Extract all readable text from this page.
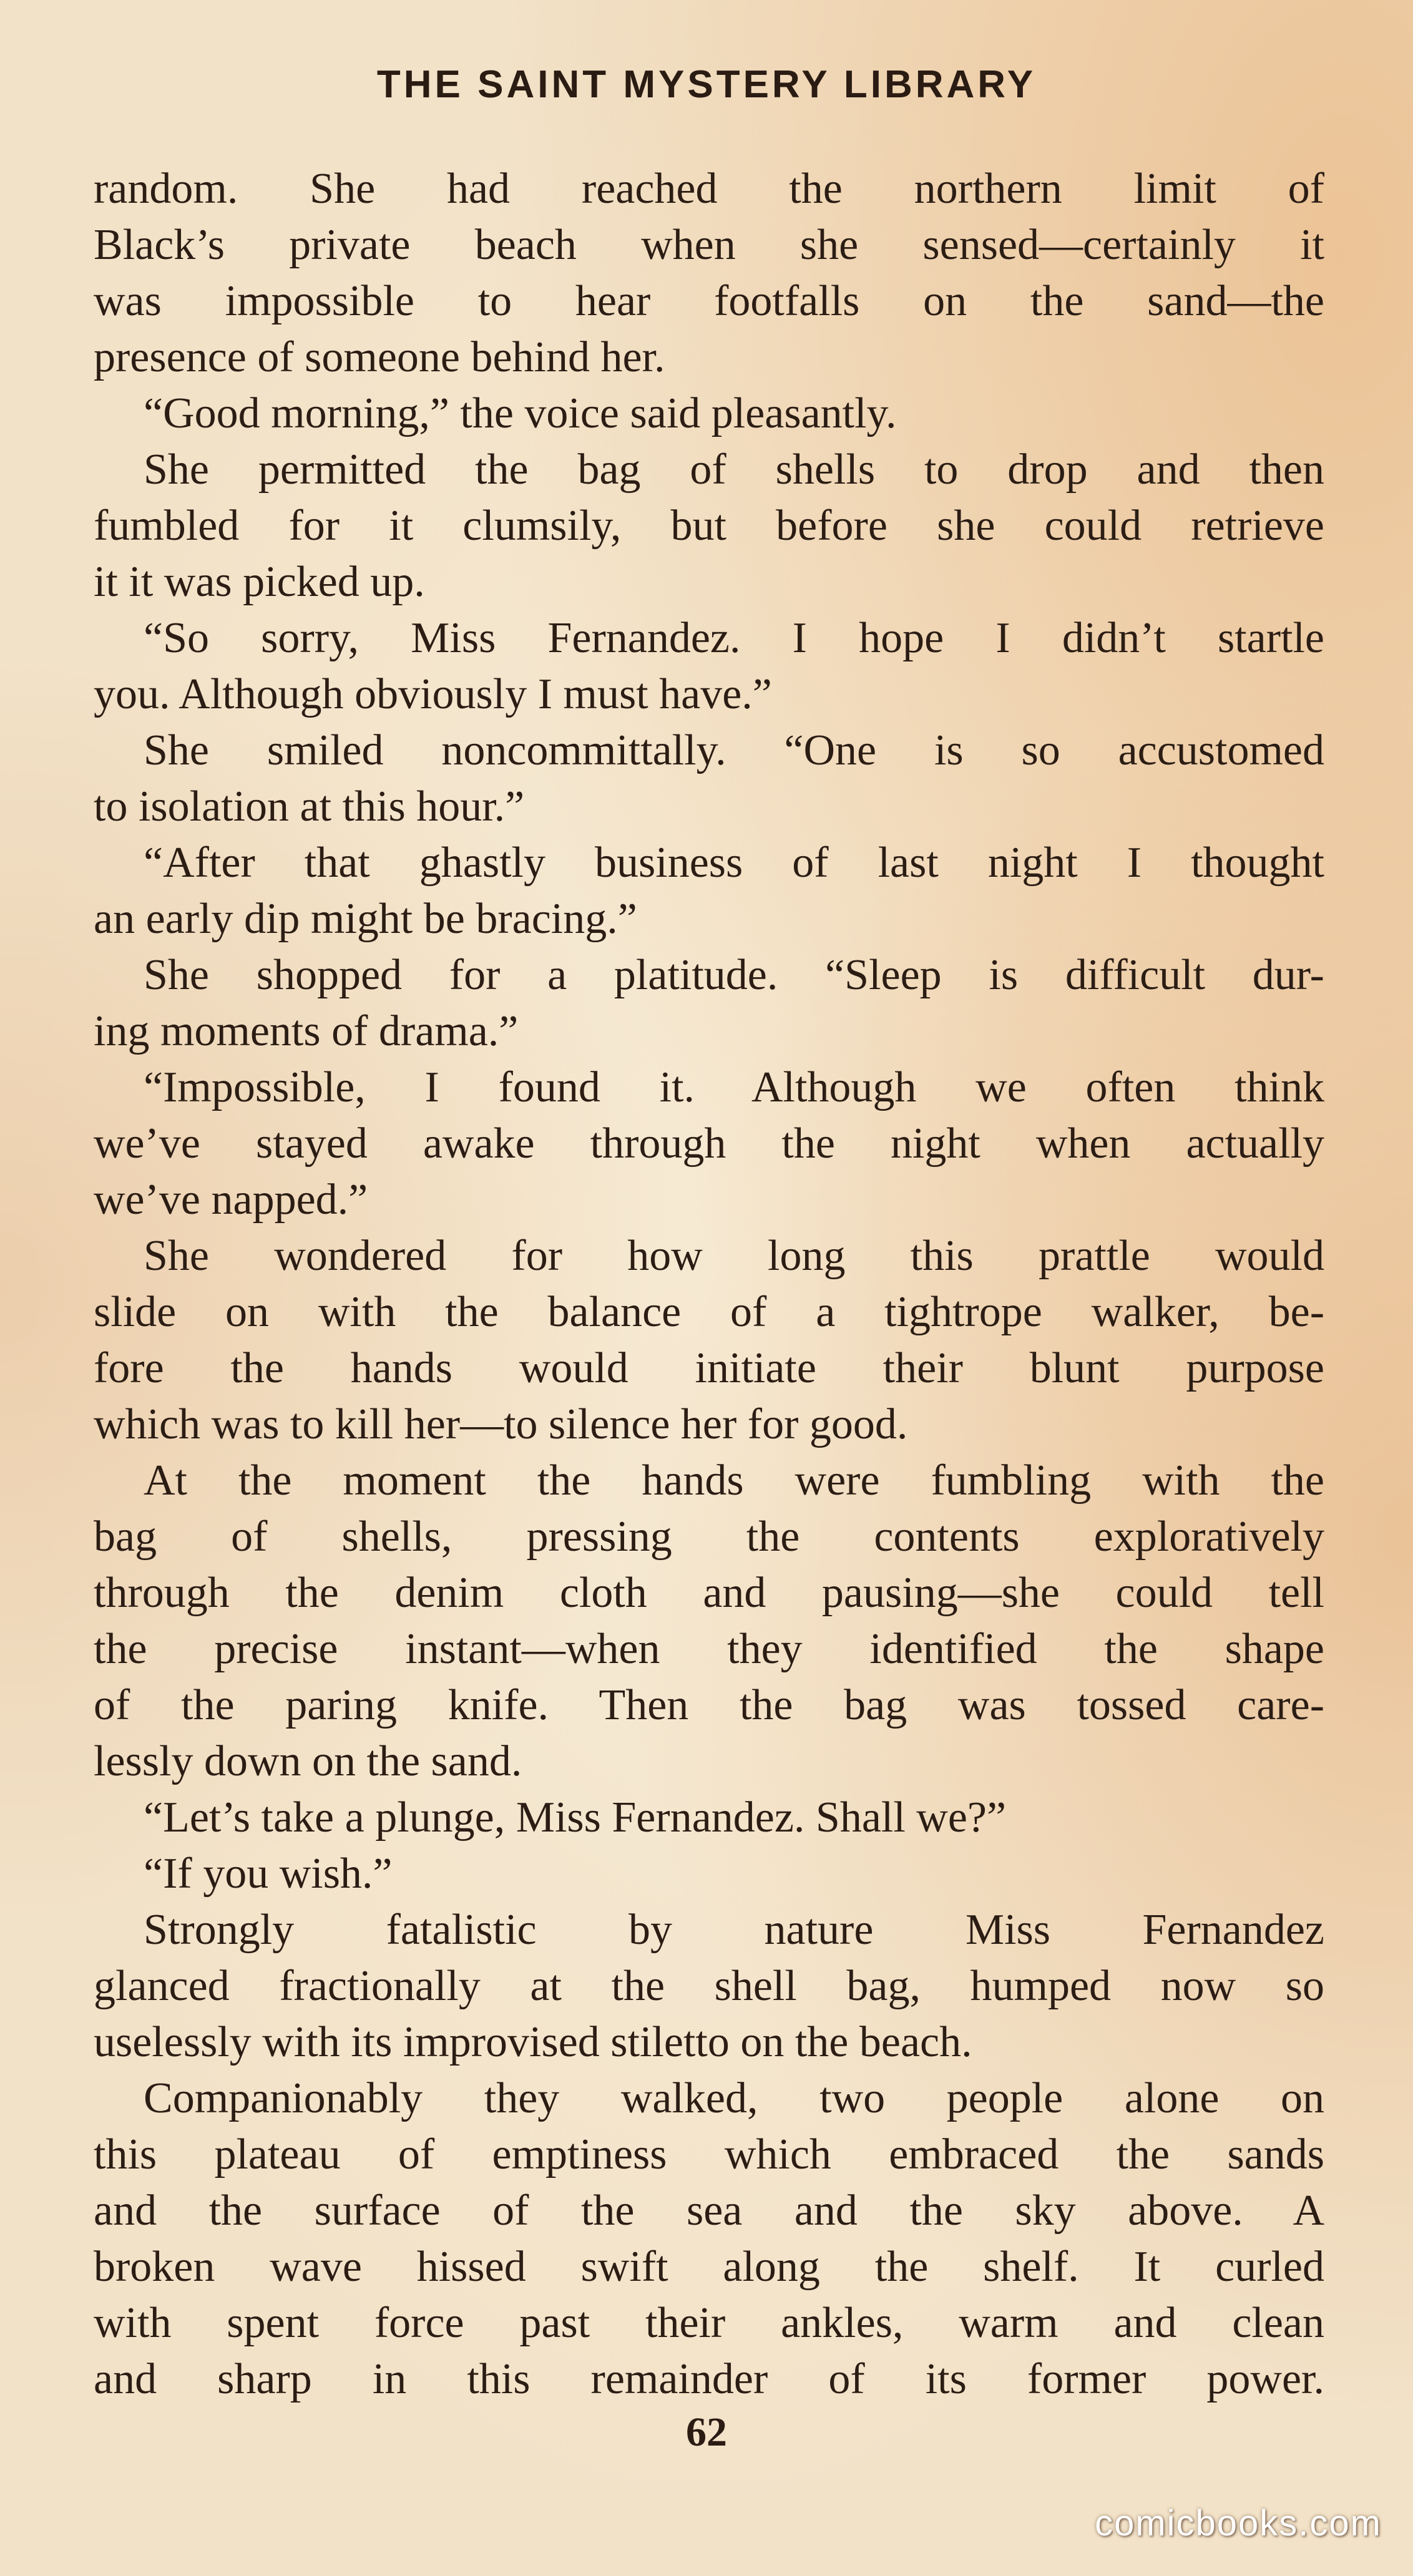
THE SAINT MYSTERY LIBRARY
random. She had reached the northern limit of
Black’s private beach when she sensed—certainly it
was impossible to hear footfalls on the sand—the
presence of someone behind her.
“Good morning,” the voice said pleasantly.
She permitted the bag of shells to drop and then
fumbled for it clumsily, but before she could retrieve
it it was picked up.
“So sorry, Miss Fernandez. I hope I didn’t startle
you. Although obviously I must have.”
She smiled noncommittally. “One is so accustomed
to isolation at this hour.”
“After that ghastly business of last night I thought
an early dip might be bracing.”
She shopped for a platitude. “Sleep is difficult dur-
ing moments of drama.”
“Impossible, I found it. Although we often think
we’ve stayed awake through the night when actually
we’ve napped.”
She wondered for how long this prattle would
slide on with the balance of a tightrope walker, be-
fore the hands would initiate their blunt purpose
which was to kill her—to silence her for good.
At the moment the hands were fumbling with the
bag of shells, pressing the contents exploratively
through the denim cloth and pausing—she could tell
the precise instant—when they identified the shape
of the paring knife. Then the bag was tossed care-
lessly down on the sand.
“Let’s take a plunge, Miss Fernandez. Shall we?”
“If you wish.”
Strongly fatalistic by nature Miss Fernandez
glanced fractionally at the shell bag, humped now so
uselessly with its improvised stiletto on the beach.
Companionably they walked, two people alone on
this plateau of emptiness which embraced the sands
and the surface of the sea and the sky above. A
broken wave hissed swift along the shelf. It curled
with spent force past their ankles, warm and clean
and sharp in this remainder of its former power.
62
comicbooks.com
